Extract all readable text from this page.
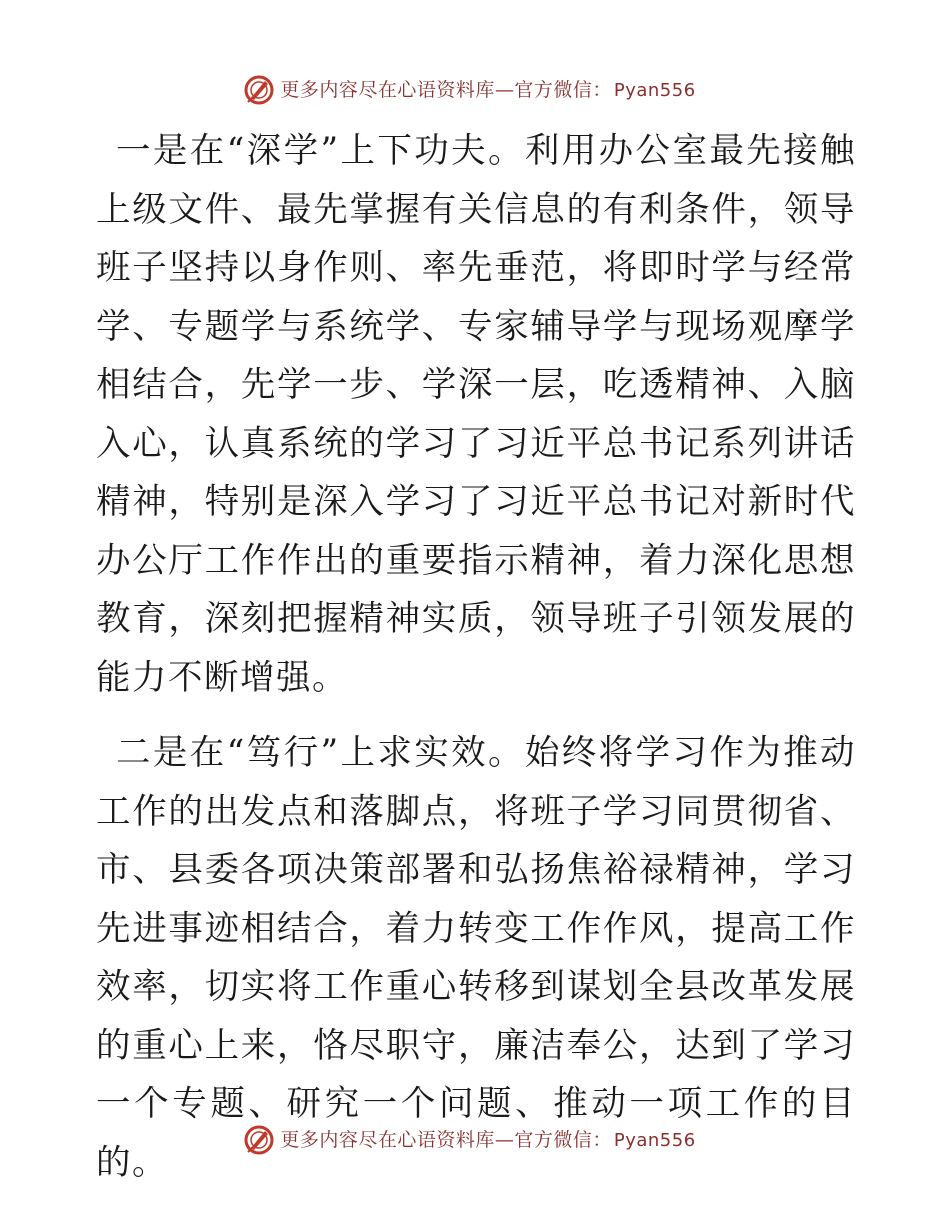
更多内容尽在心语资料库—官方微信： Pyan556

一是在“深学”上下功夫。利用办公室最先接触上级文件、最先掌握有关信息的有利条件，领导班子坚持以身作则、率先垂范，将即时学与经常学、专题学与系统学、专家辅导学与现场观摩学相结合，先学一步、学深一层，吃透精神、入脑入心，认真系统的学习了习近平总书记系列讲话精神，特别是深入学习了习近平总书记对新时代办公厅工作作出的重要指示精神，着力深化思想教育，深刻把握精神实质，领导班子引领发展的能力不断增强。

二是在“笃行”上求实效。始终将学习作为推动工作的出发点和落脚点，将班子学习同贯彻省、市、县委各项决策部署和弘扬焦裕禄精神，学习先进事迹相结合，着力转变工作作风，提高工作效率，切实将工作重心转移到谋划全县改革发展的重心上来，恪尽职守，廉洁奉公，达到了学习一个专题、研究一个问题、推动一项工作的目的。

更多内容尽在心语资料库—官方微信： Pyan556
